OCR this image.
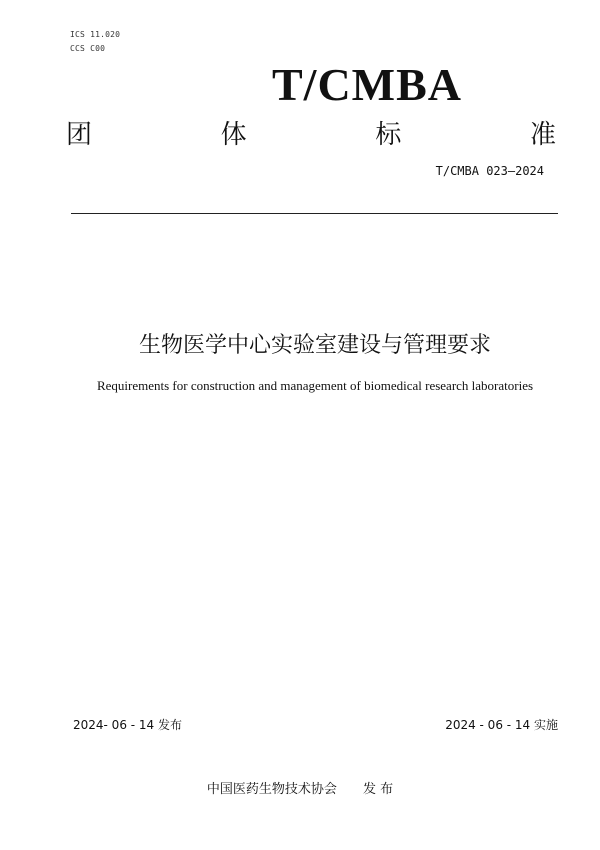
ICS 11.020
CCS C00
T/CMBA
团	体	标	准
T/CMBA 023—2024
生物医学中心实验室建设与管理要求
Requirements for construction and management of biomedical research laboratories
2024- 06 - 14 发布	2024 - 06 - 14 实施
中国医药生物技术协会 发 布
